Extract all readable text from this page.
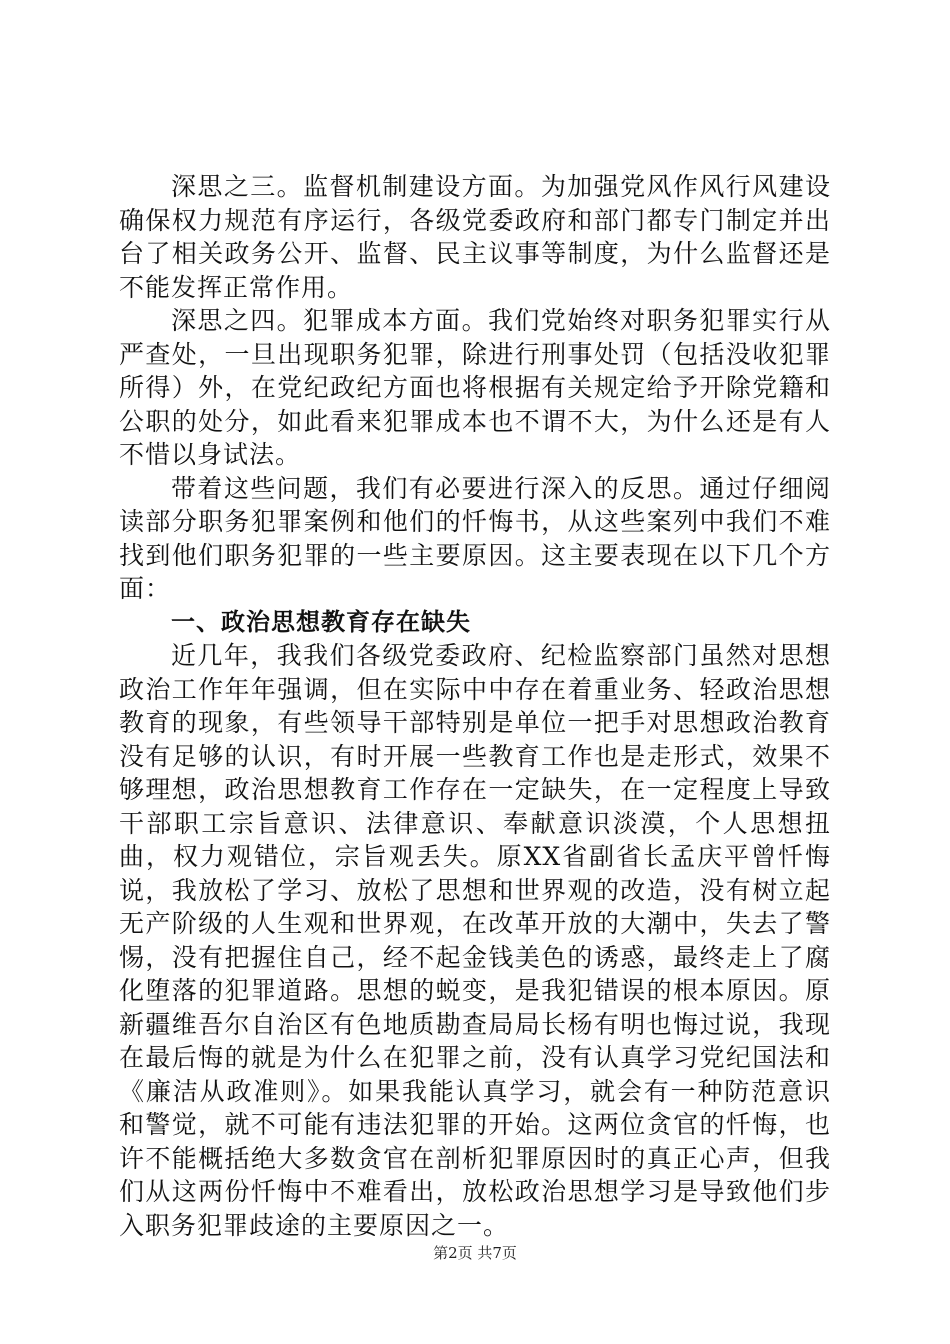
深思之三。监督机制建设方面。为加强党风作风行风建设确保权力规范有序运行，各级党委政府和部门都专门制定并出台了相关政务公开、监督、民主议事等制度，为什么监督还是不能发挥正常作用。

深思之四。犯罪成本方面。我们党始终对职务犯罪实行从严查处，一旦出现职务犯罪，除进行刑事处罚（包括没收犯罪所得）外，在党纪政纪方面也将根据有关规定给予开除党籍和公职的处分，如此看来犯罪成本也不谓不大，为什么还是有人不惜以身试法。

带着这些问题，我们有必要进行深入的反思。通过仔细阅读部分职务犯罪案例和他们的忏悔书，从这些案列中我们不难找到他们职务犯罪的一些主要原因。这主要表现在以下几个方面：

一、政治思想教育存在缺失

近几年，我我们各级党委政府、纪检监察部门虽然对思想政治工作年年强调，但在实际中中存在着重业务、轻政治思想教育的现象，有些领导干部特别是单位一把手对思想政治教育没有足够的认识，有时开展一些教育工作也是走形式，效果不够理想，政治思想教育工作存在一定缺失，在一定程度上导致干部职工宗旨意识、法律意识、奉献意识淡漠，个人思想扭曲，权力观错位，宗旨观丢失。原XX省副省长孟庆平曾忏悔说，我放松了学习、放松了思想和世界观的改造，没有树立起无产阶级的人生观和世界观，在改革开放的大潮中，失去了警惕，没有把握住自己，经不起金钱美色的诱惑，最终走上了腐化堕落的犯罪道路。思想的蜕变，是我犯错误的根本原因。原新疆维吾尔自治区有色地质勘查局局长杨有明也悔过说，我现在最后悔的就是为什么在犯罪之前，没有认真学习党纪国法和《廉洁从政准则》。如果我能认真学习，就会有一种防范意识和警觉，就不可能有违法犯罪的开始。这两位贪官的忏悔，也许不能概括绝大多数贪官在剖析犯罪原因时的真正心声，但我们从这两份忏悔中不难看出，放松政治思想学习是导致他们步入职务犯罪歧途的主要原因之一。

第2页 共7页
